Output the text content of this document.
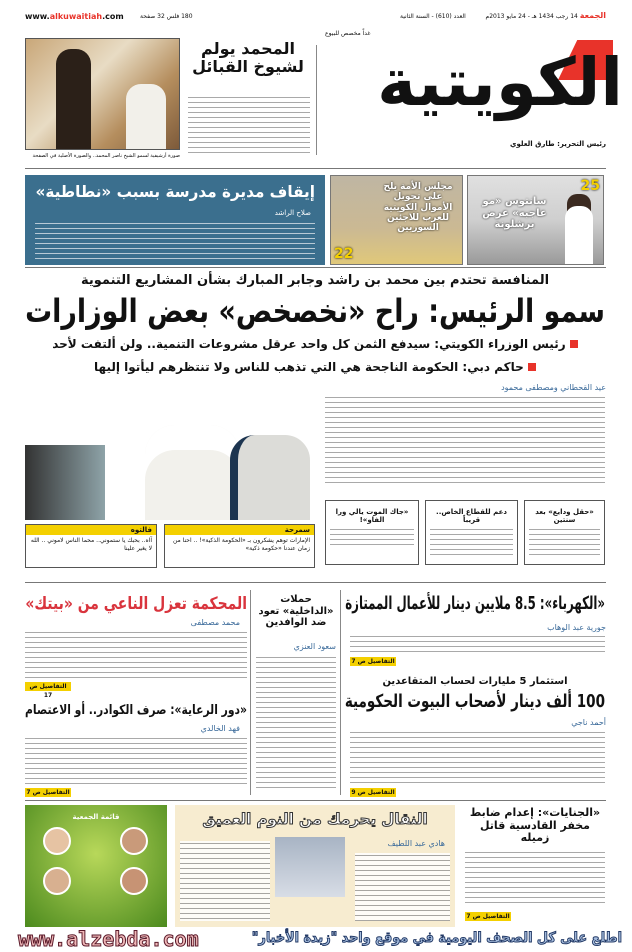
www.alkuwaitiah.com	180 فلس 32 صفحة	العدد (610) - السنة الثانية	الجمعة 14 رجب 1434 هـ - 24 مايو 2013م
غداً مخصص للبيوع
الكويتية
رئيس التحرير: طارق العلوي
المحمد يولم لشيوخ القبائل
صورة أرشيفية لسمو الشيخ ناصر المحمد.. والصورة الأصلية في الصفحة
إيقاف مديرة مدرسة بسبب «نطاطية»
صلاح الراشد
مجلس الأمة يلح على تحويل الأموال الكويتية للعرب للاجئين السوريين
22
سانتوس «مو عاجبه» عرض برشلونة
25
المنافسة تحتدم بين محمد بن راشد وجابر المبارك بشأن المشاريع التنموية
سمو الرئيس: راح «نخصخص» بعض الوزارات
رئيس الوزراء الكويتي: سيدفع الثمن كل واحد عرقل مشروعات التنمية.. ولن ألتفت لأحد
حاكم دبي: الحكومة الناجحة هي التي تذهب للناس ولا تنتظرهم ليأتوا إليها
عيد القحطاني ومصطفى محمود
«حقل ودايع» بعد سنتين
دعم للقطاع الخاص.. قريباً
«جاك الموت يالي ورا الفاو»!
سمرحة
الإمارات توهم يشكرون بـ «الحكومة الذكية»! .. احنا من زمان عندنا «حكومة ذكية»
فالتوه
آاه.. بحبك يا ستموني.. محما الناس لاموني .. الله لا يغير علينا
«الكهرباء»: 8.5 ملايين دينار للأعمال الممتازة
جورية عبد الوهاب
التفاصيل ص 7
استثمار 5 مليارات لحساب المتقاعدين
100 ألف دينار لأصحاب البيوت الحكومية
أحمد ناجي
التفاصيل ص 9
حملات «الداخلية» تعود ضد الوافدين
سعود العنزي
المحكمة تعزل الناعي من «بيتك»
محمد مصطفى
التفاصيل ص 17
«دور الرعاية»: صرف الكوادر.. أو الاعتصام
فهد الخالدي
التفاصيل ص 7
«الجنايات»: إعدام ضابط مخفر القادسية قاتل زميله
التفاصيل ص 7
النقال يحرمك من النوم العميق
هادي عبد اللطيف
قائمة الجمعية
اطلع على كل الصحف اليومية في موقع واحد "زبدة الأخبار"
www.alzebda.com
